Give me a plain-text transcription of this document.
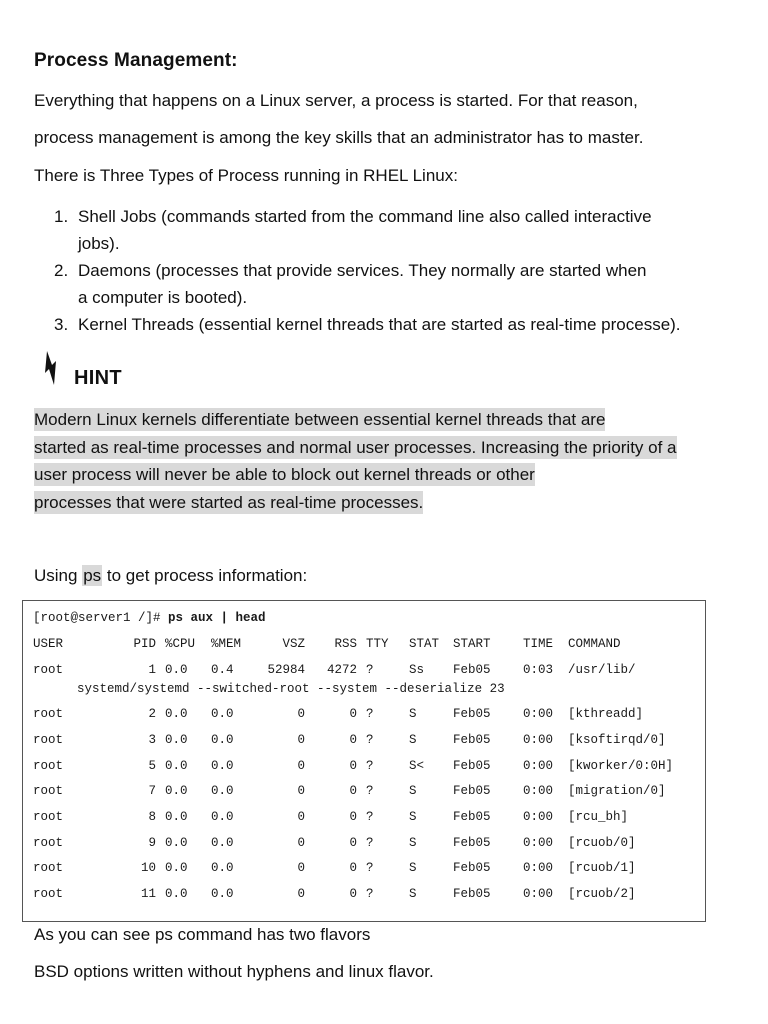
Process Management:
Everything that happens on a Linux server, a process is started. For that reason,
process management is among the key skills that an administrator has to master.
There is Three Types of Process running in RHEL Linux:
1. Shell Jobs (commands started from the command line also called interactive
jobs).
2. Daemons (processes that provide services. They normally are started when
a computer is booted).
3. Kernel Threads (essential kernel threads that are started as real-time processe).
HINT
Modern Linux kernels differentiate between essential kernel threads that are
started as real-time processes and normal user processes. Increasing the priority of a
user process will never be able to block out kernel threads or other
processes that were started as real-time processes.
Using ps to get process information:
[root@server1 /]# ps aux | head
USER	PID %CPU %MEM	VSZ RSS TTY STAT START	TIME COMMAND
root	1 0.0 0.4	52984 4272 ?	Ss Feb05	0:03 /usr/lib/
systemd/systemd --switched-root --system --deserialize 23
root	2 0.0 0.0	0	0 ?	S	Feb05	0:00 [kthreadd]
root	3 0.0 0.0	0	0 ?	S	Feb05	0:00 [ksoftirqd/0]
root	5 0.0 0.0	0	0 ?	S< Feb05	0:00 [kworker/0:0H]
root	7 0.0 0.0	0	0 ?	S	Feb05	0:00 [migration/0]
root	8 0.0 0.0	0	0 ?	S	Feb05	0:00 [rcu_bh]
root	9 0.0 0.0	0	0 ?	S	Feb05	0:00 [rcuob/0]
root	10 0.0 0.0	0	0 ?	S	Feb05	0:00 [rcuob/1]
root	11 0.0 0.0	0	0 ?	S	Feb05	0:00 [rcuob/2]
As you can see ps command has two flavors
BSD options written without hyphens and linux flavor.
